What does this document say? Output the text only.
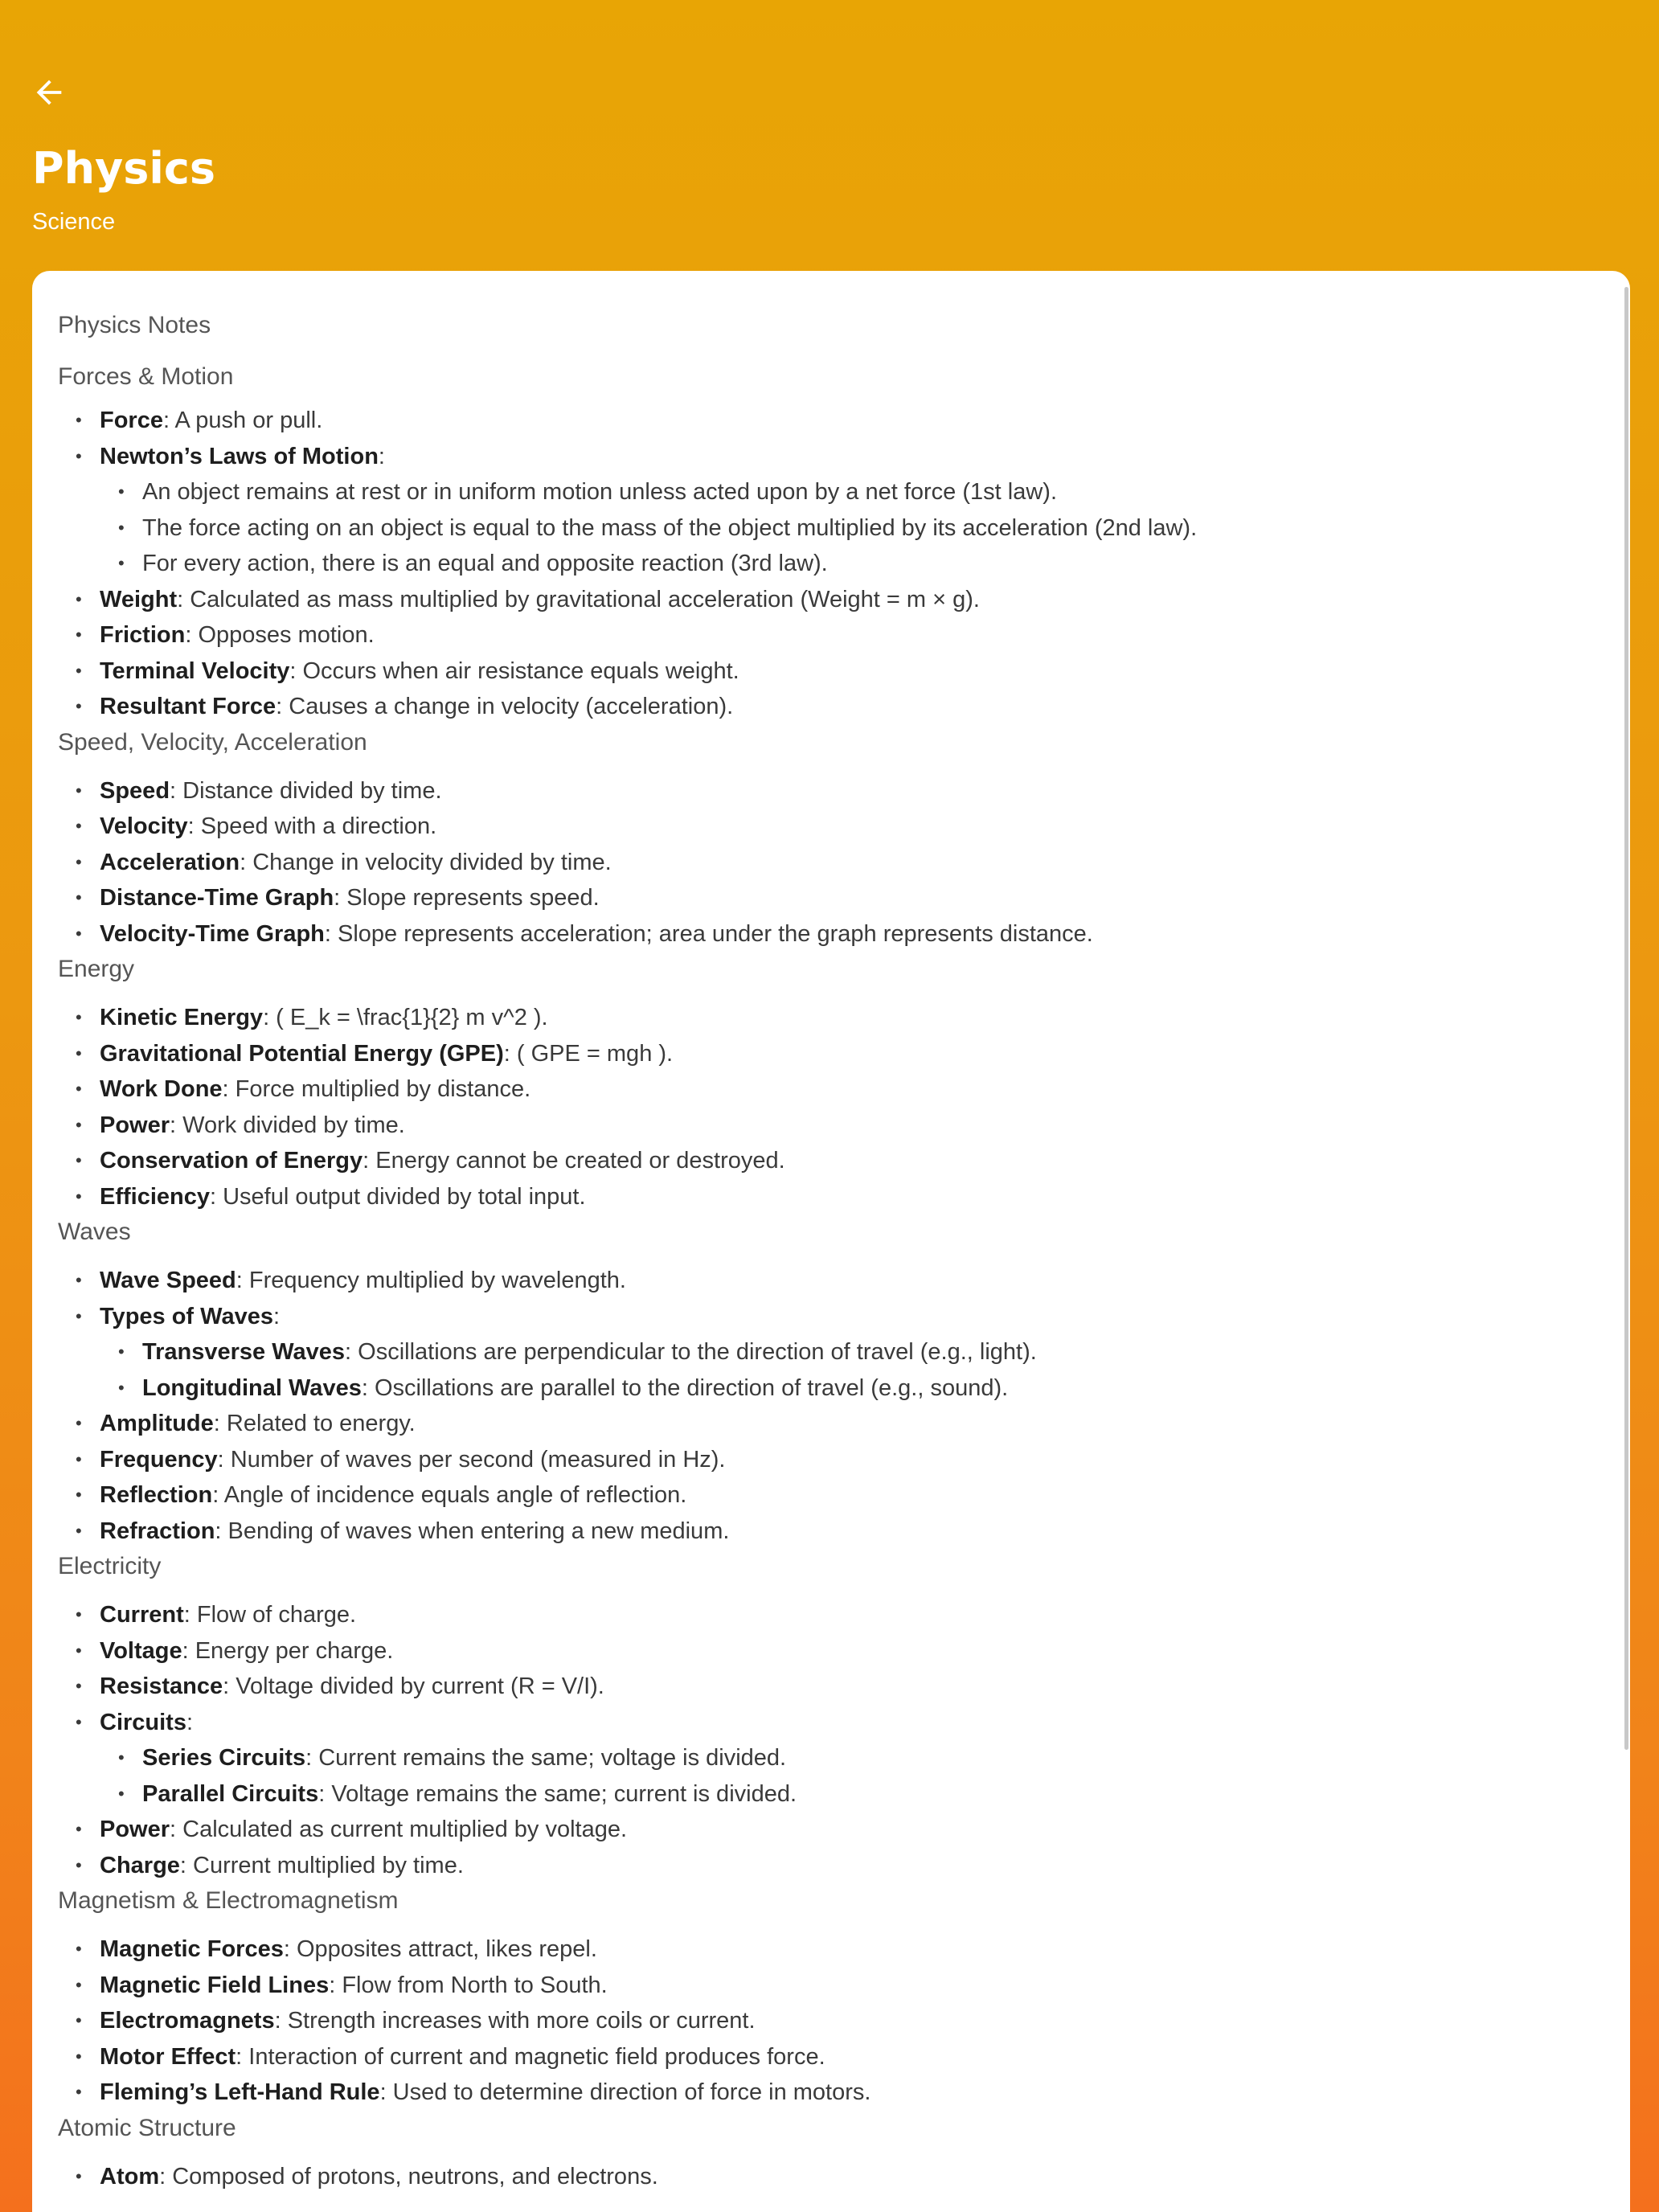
Physics
Science
Physics Notes
Forces & Motion
• Force: A push or pull.
• Newton’s Laws of Motion:
• An object remains at rest or in uniform motion unless acted upon by a net force (1st law).
• The force acting on an object is equal to the mass of the object multiplied by its acceleration (2nd law).
• For every action, there is an equal and opposite reaction (3rd law).
• Weight: Calculated as mass multiplied by gravitational acceleration (Weight = m × g).
• Friction: Opposes motion.
• Terminal Velocity: Occurs when air resistance equals weight.
• Resultant Force: Causes a change in velocity (acceleration).
Speed, Velocity, Acceleration
• Speed: Distance divided by time.
• Velocity: Speed with a direction.
• Acceleration: Change in velocity divided by time.
• Distance-Time Graph: Slope represents speed.
• Velocity-Time Graph: Slope represents acceleration; area under the graph represents distance.
Energy
• Kinetic Energy: ( E_k = \frac{1}{2} m v^2 ).
• Gravitational Potential Energy (GPE): ( GPE = mgh ).
• Work Done: Force multiplied by distance.
• Power: Work divided by time.
• Conservation of Energy: Energy cannot be created or destroyed.
• Efficiency: Useful output divided by total input.
Waves
• Wave Speed: Frequency multiplied by wavelength.
• Types of Waves:
• Transverse Waves: Oscillations are perpendicular to the direction of travel (e.g., light).
• Longitudinal Waves: Oscillations are parallel to the direction of travel (e.g., sound).
• Amplitude: Related to energy.
• Frequency: Number of waves per second (measured in Hz).
• Reflection: Angle of incidence equals angle of reflection.
• Refraction: Bending of waves when entering a new medium.
Electricity
• Current: Flow of charge.
• Voltage: Energy per charge.
• Resistance: Voltage divided by current (R = V/I).
• Circuits:
• Series Circuits: Current remains the same; voltage is divided.
• Parallel Circuits: Voltage remains the same; current is divided.
• Power: Calculated as current multiplied by voltage.
• Charge: Current multiplied by time.
Magnetism & Electromagnetism
• Magnetic Forces: Opposites attract, likes repel.
• Magnetic Field Lines: Flow from North to South.
• Electromagnets: Strength increases with more coils or current.
• Motor Effect: Interaction of current and magnetic field produces force.
• Fleming’s Left-Hand Rule: Used to determine direction of force in motors.
Atomic Structure
• Atom: Composed of protons, neutrons, and electrons.
